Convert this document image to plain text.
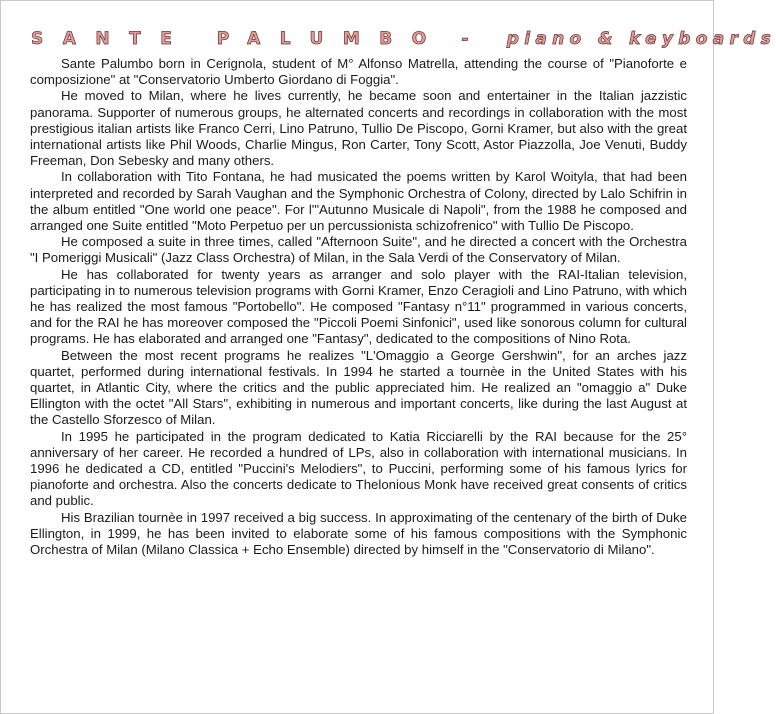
SANTE PALUMBO - piano & keyboards

Sante Palumbo born in Cerignola, student of M° Alfonso Matrella, attending the course of "Pianoforte e composizione" at "Conservatorio Umberto Giordano di Foggia".

He moved to Milan, where he lives currently, he became soon and entertainer in the Italian jazzistic panorama. Supporter of numerous groups, he alternated concerts and recordings in collaboration with the most prestigious italian artists like Franco Cerri, Lino Patruno, Tullio De Piscopo, Gorni Kramer, but also with the great international artists like Phil Woods, Charlie Mingus, Ron Carter, Tony Scott, Astor Piazzolla, Joe Venuti, Buddy Freeman, Don Sebesky and many others.

In collaboration with Tito Fontana, he had musicated the poems written by Karol Woityla, that had been interpreted and recorded by Sarah Vaughan and the Symphonic Orchestra of Colony, directed by Lalo Schifrin in the album entitled "One world one peace". For l'"Autunno Musicale di Napoli", from the 1988 he composed and arranged one Suite entitled "Moto Perpetuo per un percussionista schizofrenico" with Tullio De Piscopo.

He composed a suite in three times, called "Afternoon Suite", and he directed a concert with the Orchestra "I Pomeriggi Musicali" (Jazz Class Orchestra) of Milan, in the Sala Verdi of the Conservatory of Milan.

He has collaborated for twenty years as arranger and solo player with the RAI-Italian television, participating in to numerous television programs with Gorni Kramer, Enzo Ceragioli and Lino Patruno, with which he has realized the most famous "Portobello". He composed "Fantasy n°11" programmed in various concerts, and for the RAI he has moreover composed the "Piccoli Poemi Sinfonici", used like sonorous column for cultural programs. He has elaborated and arranged one "Fantasy", dedicated to the compositions of Nino Rota.

Between the most recent programs he realizes "L'Omaggio a George Gershwin", for an arches jazz quartet, performed during international festivals. In 1994 he started a tournèe in the United States with his quartet, in Atlantic City, where the critics and the public appreciated him. He realized an "omaggio a" Duke Ellington with the octet "All Stars", exhibiting in numerous and important concerts, like during the last August at the Castello Sforzesco of Milan.

In 1995 he participated in the program dedicated to Katia Ricciarelli by the RAI because for the 25° anniversary of her career. He recorded a hundred of LPs, also in collaboration with international musicians. In 1996 he dedicated a CD, entitled "Puccini's Melodiers", to Puccini, performing some of his famous lyrics for pianoforte and orchestra. Also the concerts dedicate to Thelonious Monk have received great consents of critics and public.

His Brazilian tournèe in 1997 received a big success. In approximating of the centenary of the birth of Duke Ellington, in 1999, he has been invited to elaborate some of his famous compositions with the Symphonic Orchestra of Milan (Milano Classica + Echo Ensemble) directed by himself in the "Conservatorio di Milano".
